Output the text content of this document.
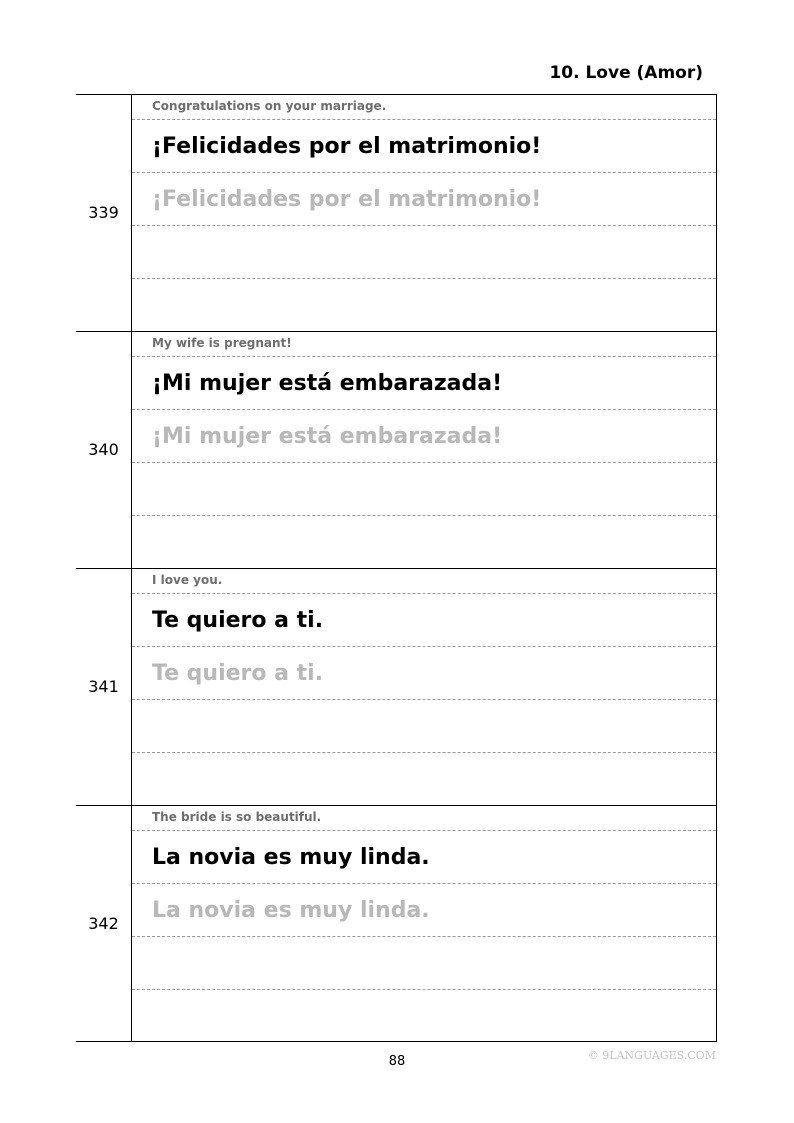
10. Love (Amor)
339
Congratulations on your marriage.
¡Felicidades por el matrimonio!
¡Felicidades por el matrimonio!
340
My wife is pregnant!
¡Mi mujer está embarazada!
¡Mi mujer está embarazada!
341
I love you.
Te quiero a ti.
Te quiero a ti.
342
The bride is so beautiful.
La novia es muy linda.
La novia es muy linda.
88	© 9LANGUAGES.COM
